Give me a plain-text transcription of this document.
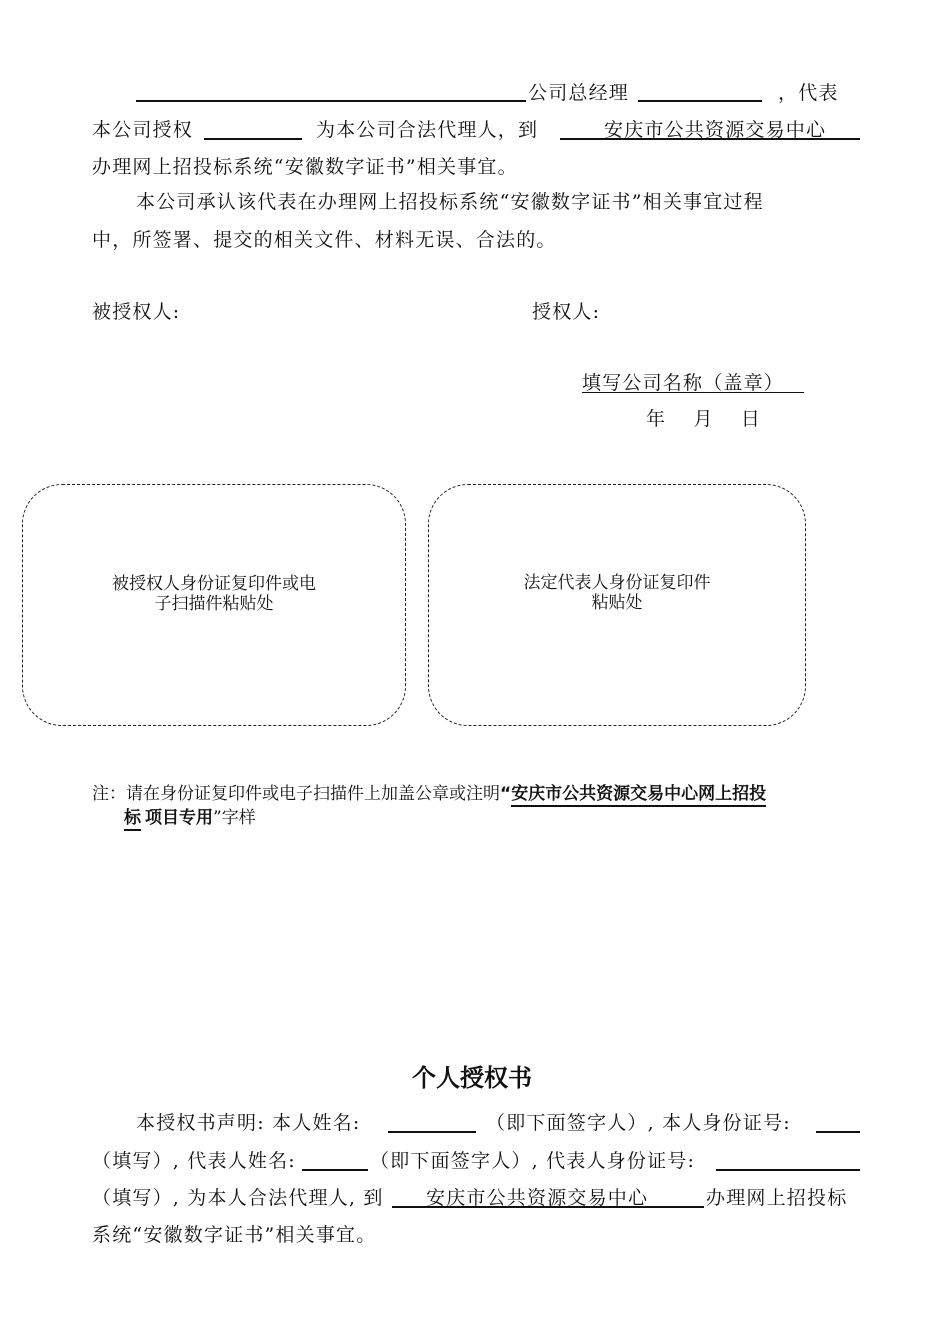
公司总经理	，代表
本公司授权	为本公司合法代理人，到	安庆市公共资源交易中心
办理网上招投标系统“安徽数字证书”相关事宜。
本公司承认该代表在办理网上招投标系统“安徽数字证书”相关事宜过程
中，所签署、提交的相关文件、材料无误、合法的。
被授权人:	授权人:
填写公司名称（盖章）
年 月 日
被授权人身份证复印件或电
子扫描件粘贴处
法定代表人身份证复印件
粘贴处
注：请在身份证复印件或电子扫描件上加盖公章或注明“安庆市公共资源交易中心网上招投
标 项目专用”字样
个人授权书
本授权书声明: 本人姓名:	（即下面签字人）, 本人身份证号:
（填写）, 代表人姓名:	（即下面签字人）, 代表人身份证号:
（填写）, 为本人合法代理人, 到 安庆市公共资源交易中心	办理网上招投标
系统“安徽数字证书”相关事宜。
